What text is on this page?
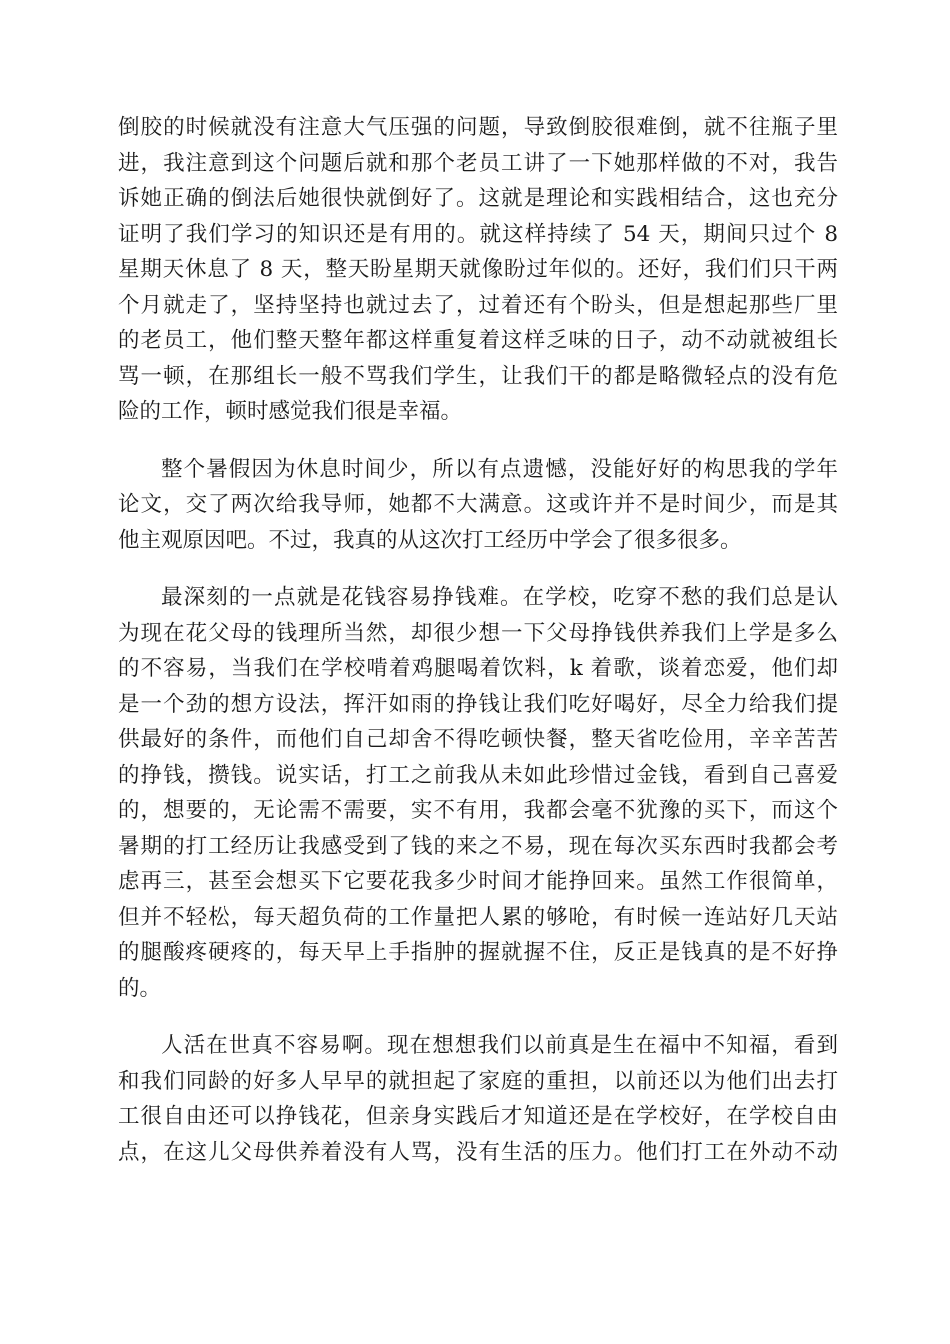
倒胶的时候就没有注意大气压强的问题，导致倒胶很难倒，就不往瓶子里
进，我注意到这个问题后就和那个老员工讲了一下她那样做的不对，我告
诉她正确的倒法后她很快就倒好了。这就是理论和实践相结合，这也充分
证明了我们学习的知识还是有用的。就这样持续了 54 天，期间只过个 8
星期天休息了 8 天，整天盼星期天就像盼过年似的。还好，我们们只干两
个月就走了，坚持坚持也就过去了，过着还有个盼头，但是想起那些厂里
的老员工，他们整天整年都这样重复着这样乏味的日子，动不动就被组长
骂一顿，在那组长一般不骂我们学生，让我们干的都是略微轻点的没有危
险的工作，顿时感觉我们很是幸福。
整个暑假因为休息时间少，所以有点遗憾，没能好好的构思我的学年
论文，交了两次给我导师，她都不大满意。这或许并不是时间少，而是其
他主观原因吧。不过，我真的从这次打工经历中学会了很多很多。
最深刻的一点就是花钱容易挣钱难。在学校，吃穿不愁的我们总是认
为现在花父母的钱理所当然，却很少想一下父母挣钱供养我们上学是多么
的不容易，当我们在学校啃着鸡腿喝着饮料，k 着歌，谈着恋爱，他们却
是一个劲的想方设法，挥汗如雨的挣钱让我们吃好喝好，尽全力给我们提
供最好的条件，而他们自己却舍不得吃顿快餐，整天省吃俭用，辛辛苦苦
的挣钱，攒钱。说实话，打工之前我从未如此珍惜过金钱，看到自己喜爱
的，想要的，无论需不需要，实不有用，我都会毫不犹豫的买下，而这个
暑期的打工经历让我感受到了钱的来之不易，现在每次买东西时我都会考
虑再三，甚至会想买下它要花我多少时间才能挣回来。虽然工作很简单，
但并不轻松，每天超负荷的工作量把人累的够呛，有时候一连站好几天站
的腿酸疼硬疼的，每天早上手指肿的握就握不住，反正是钱真的是不好挣
的。
人活在世真不容易啊。现在想想我们以前真是生在福中不知福，看到
和我们同龄的好多人早早的就担起了家庭的重担，以前还以为他们出去打
工很自由还可以挣钱花，但亲身实践后才知道还是在学校好，在学校自由
点，在这儿父母供养着没有人骂，没有生活的压力。他们打工在外动不动
